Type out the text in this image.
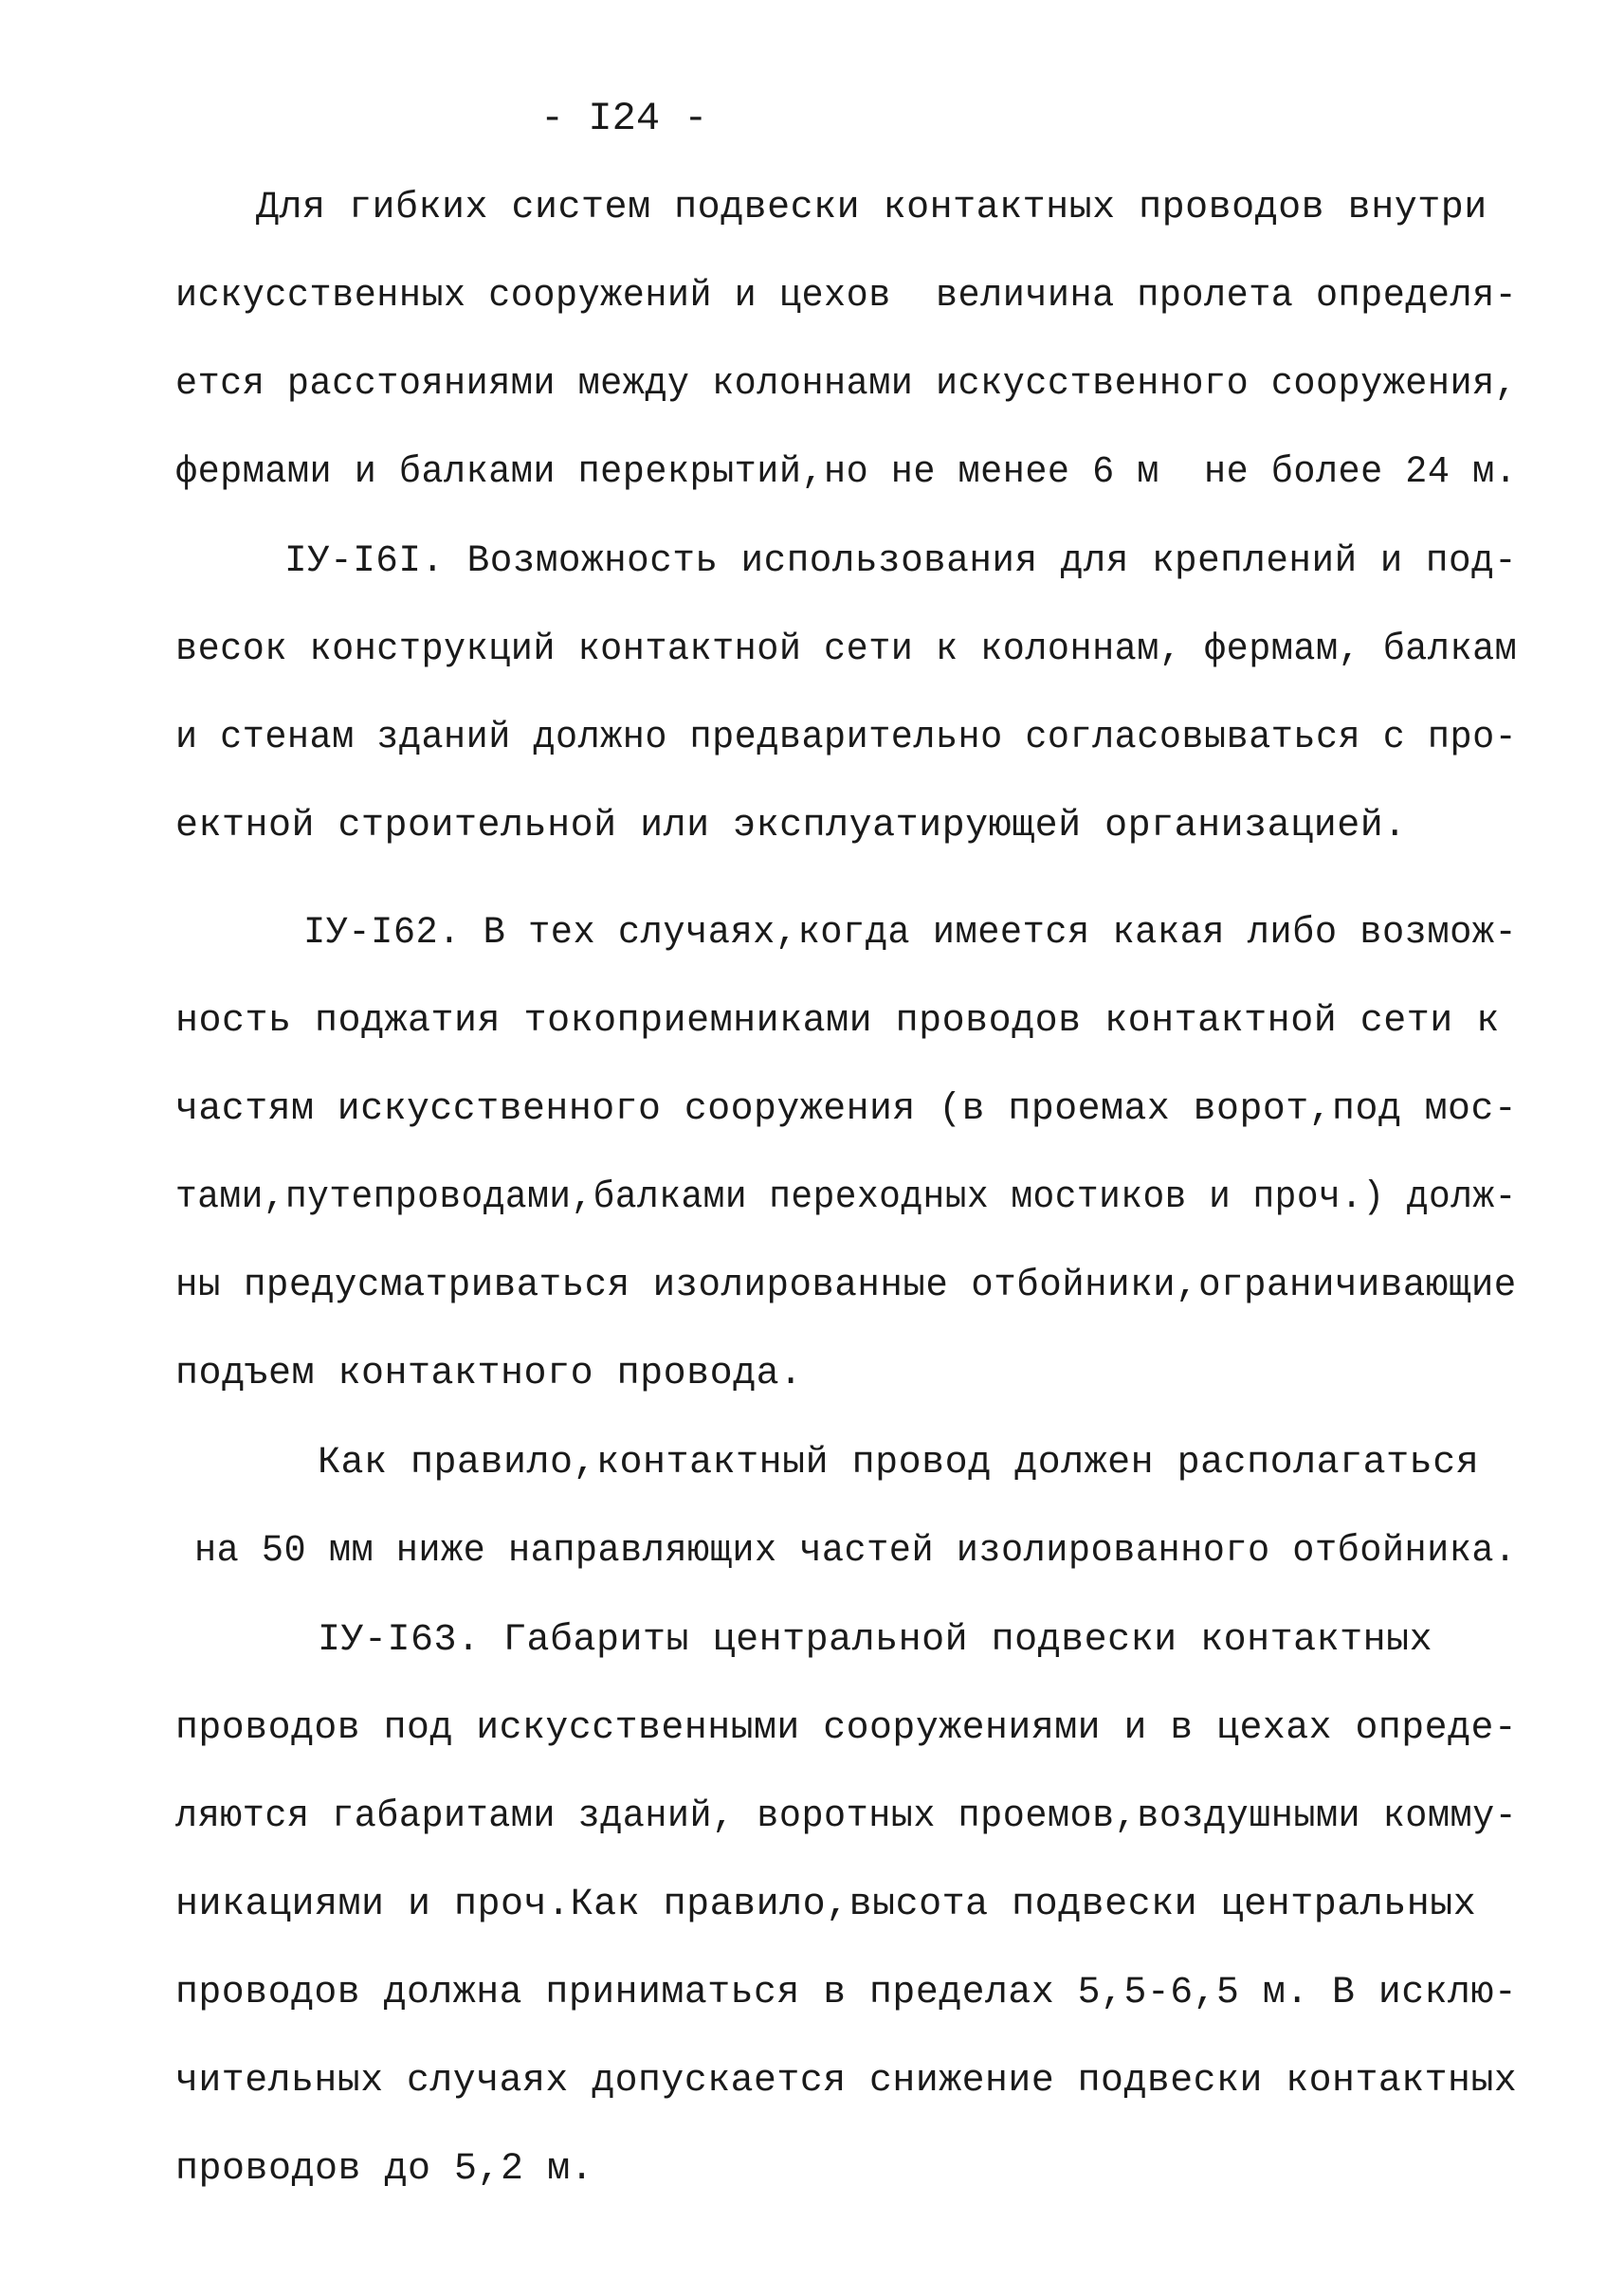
- I24 -
Для гибких систем подвески контактных проводов внутри
искусственных сооружений и цехов  величина пролета определя-
ется расстояниями между колоннами искусственного сооружения,
фермами и балками перекрытий,но не менее 6 м  не более 24 м.
IУ-I6I. Возможность использования для креплений и под-
весок конструкций контактной сети к колоннам, фермам, балкам
и стенам зданий должно предварительно согласовываться с про-
ектной строительной или эксплуатирующей организацией.
IУ-I62. В тех случаях,когда имеется какая либо возмож-
ность поджатия токоприемниками проводов контактной сети к
частям искусственного сооружения (в проемах ворот,под мос-
тами,путепроводами,балками переходных мостиков и проч.) долж-
ны предусматриваться изолированные отбойники,ограничивающие
подъем контактного провода.
Как правило,контактный провод должен располагаться
на 50 мм ниже направляющих частей изолированного отбойника.
IУ-I63. Габариты центральной подвески контактных
проводов под искусственными сооружениями и в цехах опреде-
ляются габаритами зданий, воротных проемов,воздушными комму-
никациями и проч.Как правило,высота подвески центральных
проводов должна приниматься в пределах 5,5-6,5 м. В исклю-
чительных случаях допускается снижение подвески контактных
проводов до 5,2 м.
